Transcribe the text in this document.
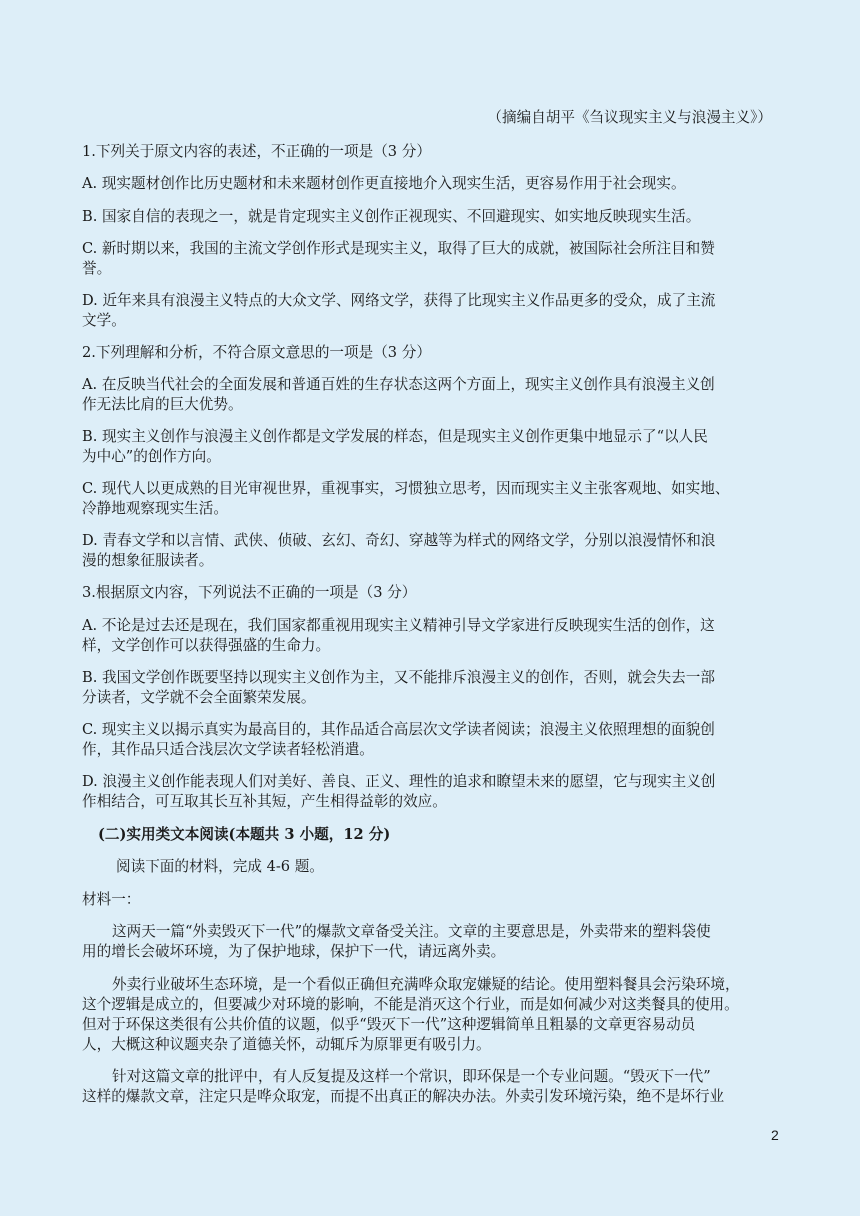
（摘编自胡平《刍议现实主义与浪漫主义》）
1.下列关于原文内容的表述，不正确的一项是（3 分）
A. 现实题材创作比历史题材和未来题材创作更直接地介入现实生活，更容易作用于社会现实。
B. 国家自信的表现之一，就是肯定现实主义创作正视现实、不回避现实、如实地反映现实生活。
C. 新时期以来，我国的主流文学创作形式是现实主义，取得了巨大的成就，被国际社会所注目和赞
誉。
D. 近年来具有浪漫主义特点的大众文学、网络文学，获得了比现实主义作品更多的受众，成了主流
文学。
2.下列理解和分析，不符合原文意思的一项是（3 分）
A. 在反映当代社会的全面发展和普通百姓的生存状态这两个方面上，现实主义创作具有浪漫主义创
作无法比肩的巨大优势。
B. 现实主义创作与浪漫主义创作都是文学发展的样态，但是现实主义创作更集中地显示了“以人民
为中心”的创作方向。
C. 现代人以更成熟的目光审视世界，重视事实，习惯独立思考，因而现实主义主张客观地、如实地、
冷静地观察现实生活。
D. 青春文学和以言情、武侠、侦破、玄幻、奇幻、穿越等为样式的网络文学，分别以浪漫情怀和浪
漫的想象征服读者。
3.根据原文内容，下列说法不正确的一项是（3 分）
A. 不论是过去还是现在，我们国家都重视用现实主义精神引导文学家进行反映现实生活的创作，这
样，文学创作可以获得强盛的生命力。
B. 我国文学创作既要坚持以现实主义创作为主，又不能排斥浪漫主义的创作，否则，就会失去一部
分读者，文学就不会全面繁荣发展。
C. 现实主义以揭示真实为最高目的，其作品适合高层次文学读者阅读；浪漫主义依照理想的面貌创
作，其作品只适合浅层次文学读者轻松消遣。
D. 浪漫主义创作能表现人们对美好、善良、正义、理性的追求和瞭望未来的愿望，它与现实主义创
作相结合，可互取其长互补其短，产生相得益彰的效应。
(二)实用类文本阅读(本题共 3 小题，12 分)
阅读下面的材料，完成 4-6 题。
材料一：
这两天一篇“外卖毁灭下一代”的爆款文章备受关注。文章的主要意思是，外卖带来的塑料袋使
用的增长会破坏环境，为了保护地球，保护下一代，请远离外卖。
外卖行业破坏生态环境，是一个看似正确但充满哗众取宠嫌疑的结论。使用塑料餐具会污染环境，
这个逻辑是成立的，但要减少对环境的影响，不能是消灭这个行业，而是如何减少对这类餐具的使用。
但对于环保这类很有公共价值的议题，似乎“毁灭下一代”这种逻辑简单且粗暴的文章更容易动员
人，大概这种议题夹杂了道德关怀，动辄斥为原罪更有吸引力。
针对这篇文章的批评中，有人反复提及这样一个常识，即环保是一个专业问题。“毁灭下一代”
这样的爆款文章，注定只是哗众取宠，而提不出真正的解决办法。外卖引发环境污染，绝不是坏行业
2
